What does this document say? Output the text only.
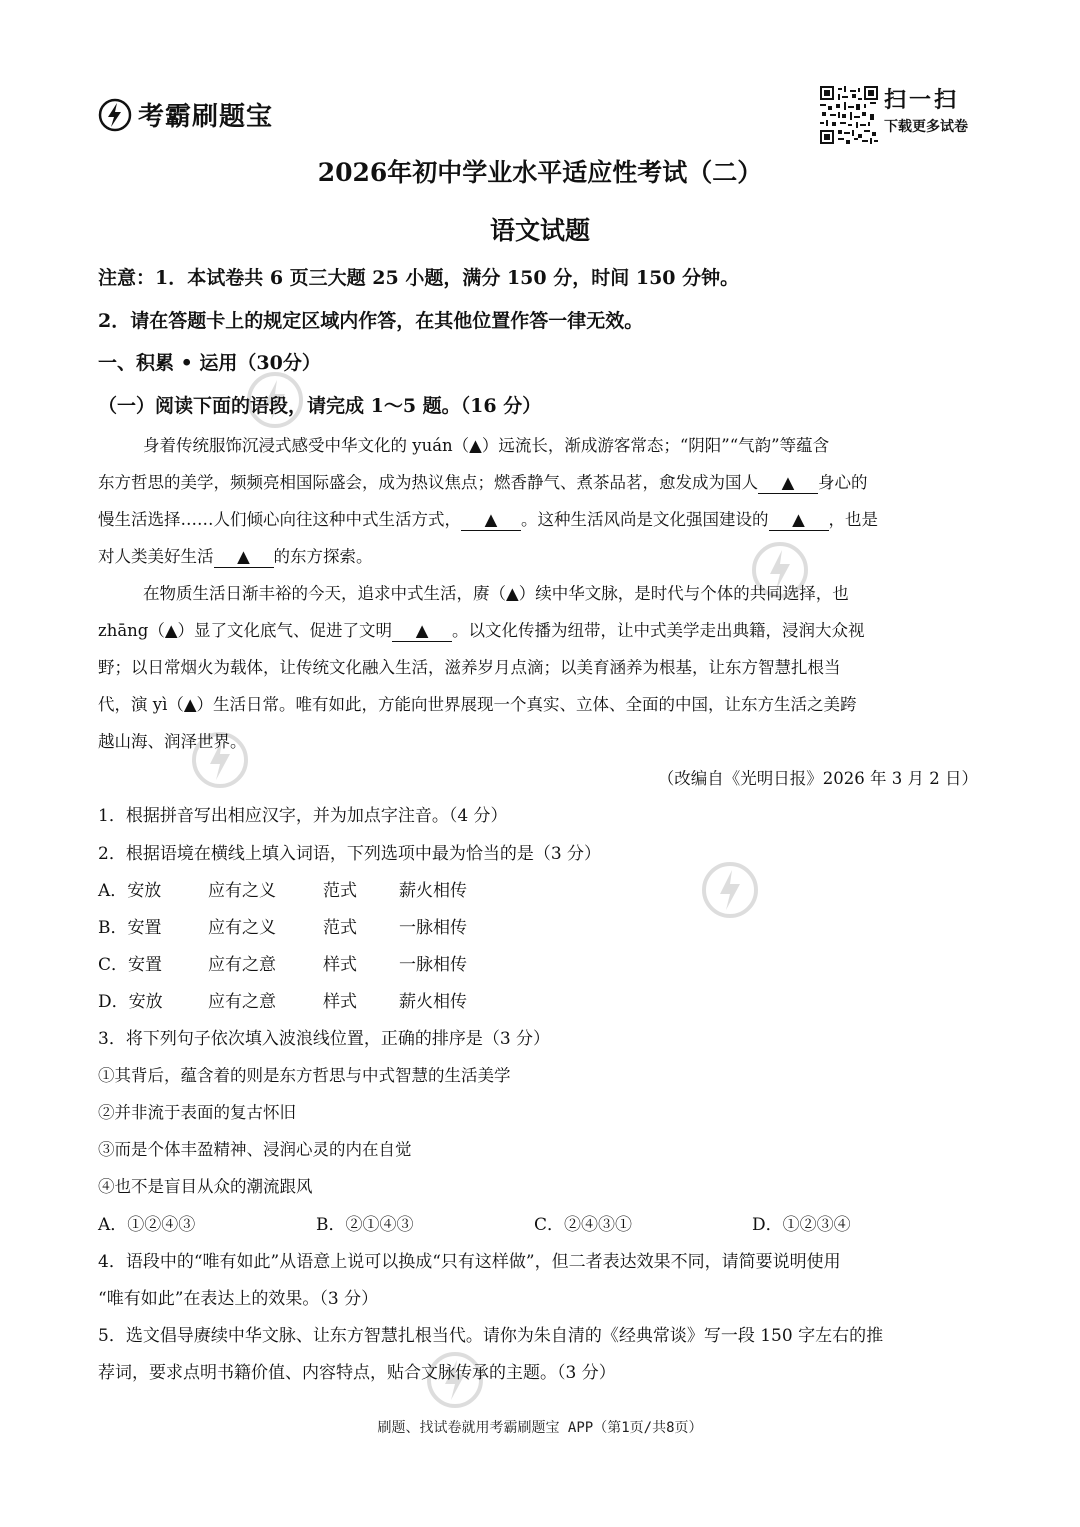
考霸刷题宝
扫一扫
下载更多试卷
2026年初中学业水平适应性考试（二）
语文试题
注意：1．本试卷共 6 页三大题 25 小题，满分 150 分，时间 150 分钟。
2．请在答题卡上的规定区域内作答，在其他位置作答一律无效。
一、积累 • 运用（30分）
（一）阅读下面的语段，请完成 1～5 题。（16 分）
身着传统服饰沉浸式感受中华文化的 yuán（▲）远流长，渐成游客常态；“阴阳”“气韵”等蕴含
东方哲思的美学，频频亮相国际盛会，成为热议焦点；燃香静气、煮茶品茗，愈发成为国人 ▲ 身心的
慢生活选择……人们倾心向往这种中式生活方式， ▲ 。这种生活风尚是文化强国建设的 ▲ ，也是
对人类美好生活 ▲ 的东方探索。
在物质生活日渐丰裕的今天，追求中式生活，赓（▲）续中华文脉，是时代与个体的共同选择，也
zhāng（▲）显了文化底气、促进了文明 ▲ 。以文化传播为纽带，让中式美学走出典籍，浸润大众视
野；以日常烟火为载体，让传统文化融入生活，滋养岁月点滴；以美育涵养为根基，让东方智慧扎根当
代，演 yì（▲）生活日常。唯有如此，方能向世界展现一个真实、立体、全面的中国，让东方生活之美跨
越山海、润泽世界。
（改编自《光明日报》2026 年 3 月 2 日）
1．根据拼音写出相应汉字，并为加点字注音。（4 分）
2．根据语境在横线上填入词语，下列选项中最为恰当的是（3 分）
A．安放	应有之义	范式	薪火相传
B．安置	应有之义	范式	一脉相传
C．安置	应有之意	样式	一脉相传
D．安放	应有之意	样式	薪火相传
3．将下列句子依次填入波浪线位置，正确的排序是（3 分）
①其背后，蕴含着的则是东方哲思与中式智慧的生活美学
②并非流于表面的复古怀旧
③而是个体丰盈精神、浸润心灵的内在自觉
④也不是盲目从众的潮流跟风
A．①②④③	B．②①④③	C．②④③①	D．①②③④
4．语段中的“唯有如此”从语意上说可以换成“只有这样做”，但二者表达效果不同，请简要说明使用
“唯有如此”在表达上的效果。（3 分）
5．选文倡导赓续中华文脉、让东方智慧扎根当代。请你为朱自清的《经典常谈》写一段 150 字左右的推
荐词，要求点明书籍价值、内容特点，贴合文脉传承的主题。（3 分）
刷题、找试卷就用考霸刷题宝 APP（第1页/共8页）
